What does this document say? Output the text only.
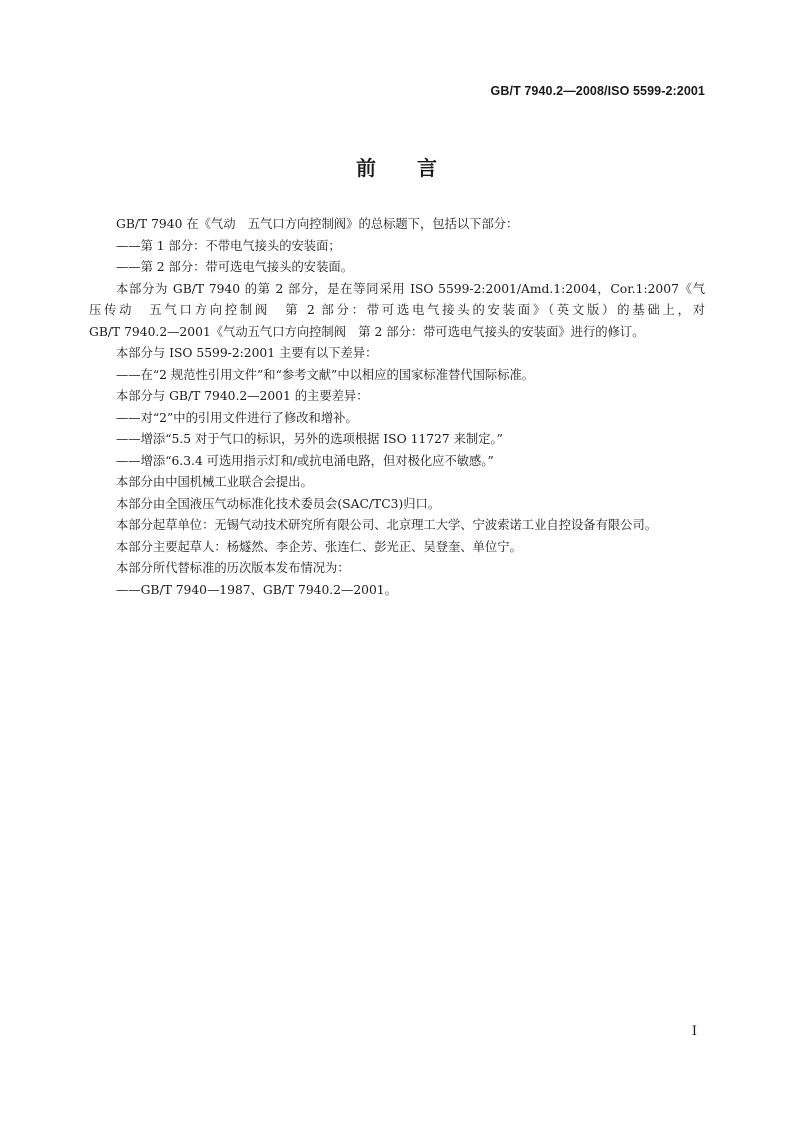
GB/T 7940.2—2008/ISO 5599-2:2001
前 言

GB/T 7940 在《气动　五气口方向控制阀》的总标题下，包括以下部分：

——第 1 部分：不带电气接头的安装面；

——第 2 部分：带可选电气接头的安装面。

本部分为 GB/T 7940 的第 2 部分，是在等同采用 ISO 5599-2:2001/Amd.1:2004，Cor.1:2007《气

压传动　五气口方向控制阀　第 2 部分：带可选电气接头的安装面》（英文版）的基础上，对

GB/T 7940.2—2001《气动五气口方向控制阀　第 2 部分：带可选电气接头的安装面》进行的修订。

本部分与 ISO 5599-2:2001 主要有以下差异：

——在“2 规范性引用文件”和“参考文献”中以相应的国家标准替代国际标准。

本部分与 GB/T 7940.2—2001 的主要差异：

——对“2”中的引用文件进行了修改和增补。

——增添“5.5 对于气口的标识，另外的选项根据 ISO 11727 来制定。”

——增添“6.3.4 可选用指示灯和/或抗电涌电路，但对极化应不敏感。”

本部分由中国机械工业联合会提出。

本部分由全国液压气动标准化技术委员会(SAC/TC3)归口。

本部分起草单位：无锡气动技术研究所有限公司、北京理工大学、宁波索诺工业自控设备有限公司。

本部分主要起草人：杨燧然、李企芳、张连仁、彭光正、吴登奎、单位宁。

本部分所代替标准的历次版本发布情况为：

——GB/T 7940—1987、GB/T 7940.2—2001。

I
